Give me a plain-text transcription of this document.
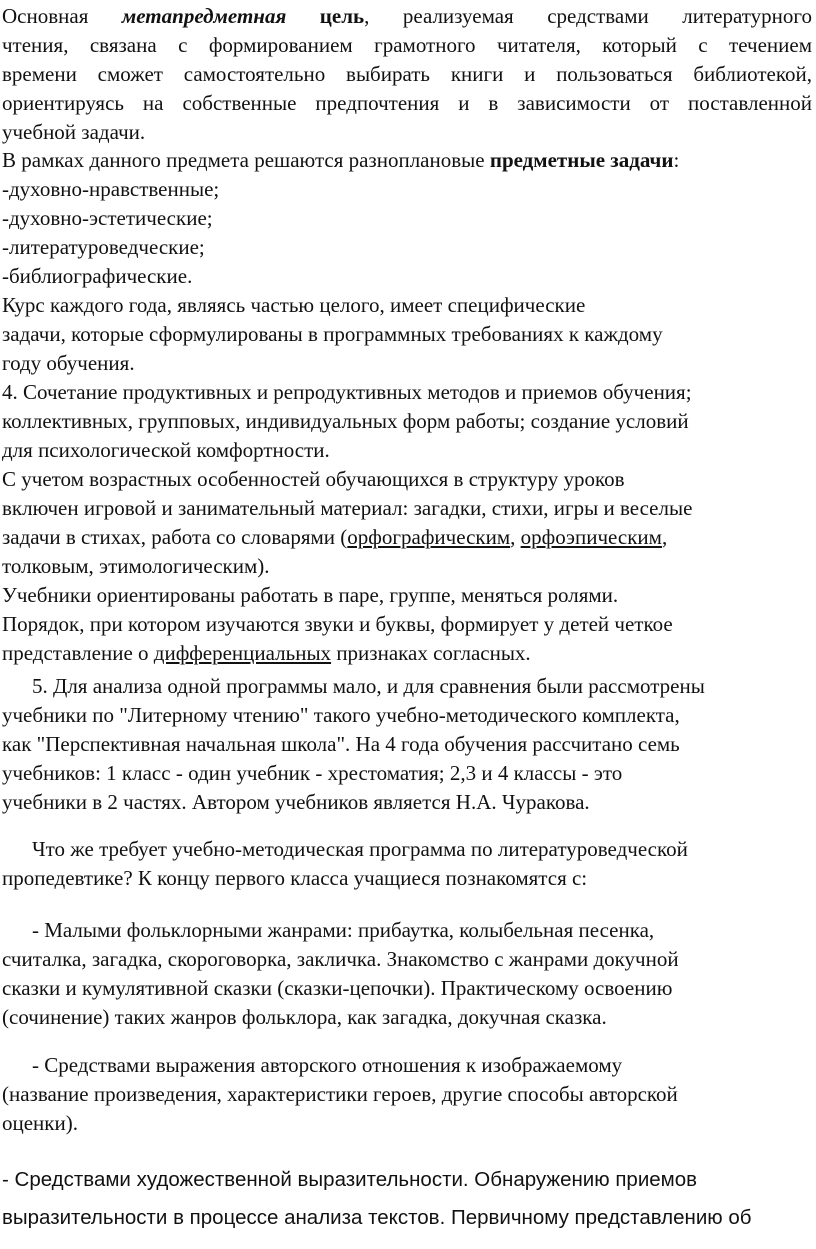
Основная метапредметная цель, реализуемая средствами литературного
чтения, связана с формированием грамотного читателя, который с течением
времени сможет самостоятельно выбирать книги и пользоваться библиотекой,
ориентируясь на собственные предпочтения и в зависимости от поставленной
учебной задачи.
В рамках данного предмета решаются разноплановые предметные задачи:
-духовно-нравственные;
-духовно-эстетические;
-литературоведческие;
-библиографические.
Курс каждого года, являясь частью целого, имеет специфические
задачи, которые сформулированы в программных требованиях к каждому
году обучения.
4. Сочетание продуктивных и репродуктивных методов и приемов обучения;
коллективных, групповых, индивидуальных форм работы; создание условий
для психологической комфортности.
С учетом возрастных особенностей обучающихся в структуру уроков
включен игровой и занимательный материал: загадки, стихи, игры и веселые
задачи в стихах, работа со словарями (орфографическим, орфоэпическим,
толковым, этимологическим).
Учебники ориентированы работать в паре, группе, меняться ролями.
Порядок, при котором изучаются звуки и буквы, формирует у детей четкое
представление о дифференциальных признаках согласных.
5. Для анализа одной программы мало, и для сравнения были рассмотрены
учебники по "Литерному чтению" такого учебно-методического комплекта,
как "Перспективная начальная школа". На 4 года обучения рассчитано семь
учебников: 1 класс - один учебник - хрестоматия; 2,3 и 4 классы - это
учебники в 2 частях. Автором учебников является Н.А. Чуракова.
Что же требует учебно-методическая программа по литературоведческой
пропедевтике? К концу первого класса учащиеся познакомятся с:
- Малыми фольклорными жанрами: прибаутка, колыбельная песенка,
считалка, загадка, скороговорка, закличка. Знакомство с жанрами докучной
сказки и кумулятивной сказки (сказки-цепочки). Практическому освоению
(сочинение) таких жанров фольклора, как загадка, докучная сказка.
- Средствами выражения авторского отношения к изображаемому
(название произведения, характеристики героев, другие способы авторской
оценки).
- Средствами художественной выразительности. Обнаружению приемов
выразительности в процессе анализа текстов. Первичному представлению об
